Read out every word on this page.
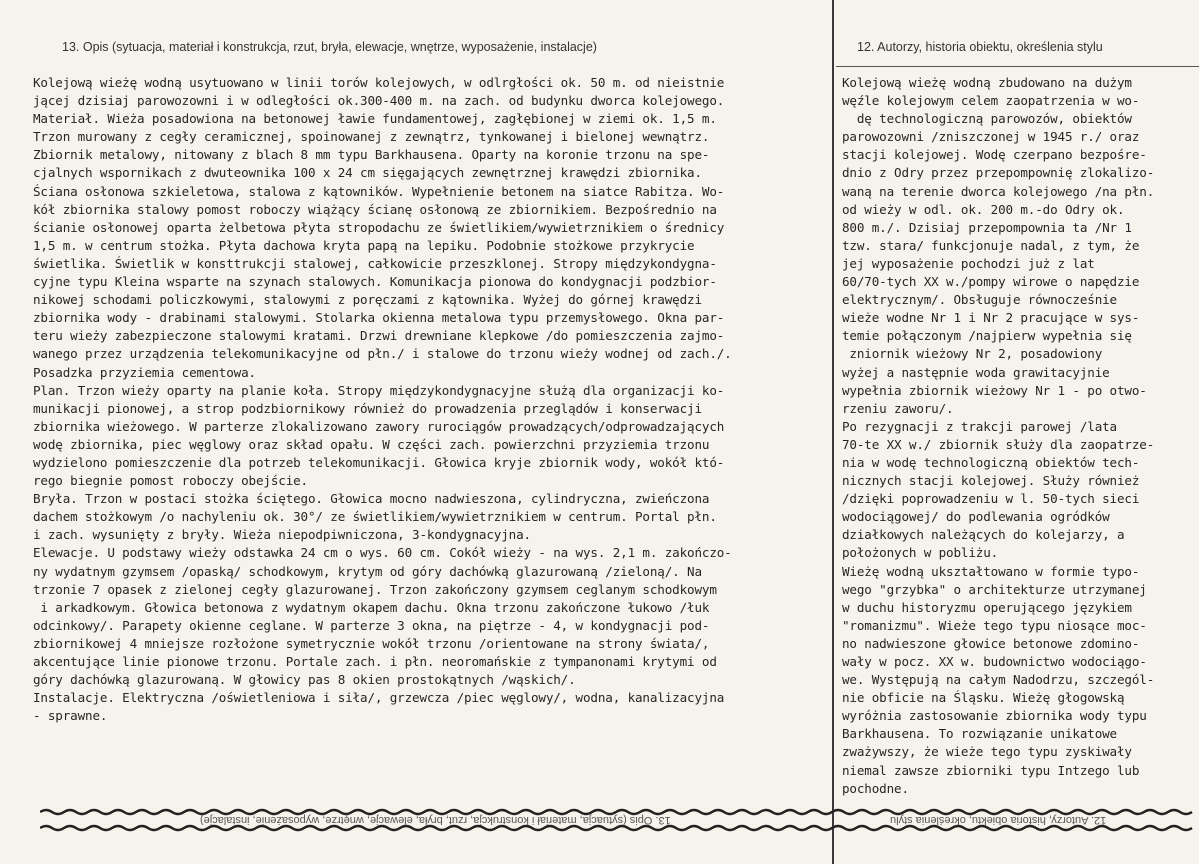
13. Opis (sytuacja, materiał i konstrukcja, rzut, bryła, elewacje, wnętrze, wyposażenie, instalacje)	12. Autorzy, historia obiektu, określenia stylu
Kolejową wieżę wodną usytuowano w linii torów kolejowych, w odlrgłości ok. 50 m. od nieistnie
jącej dzisiaj parowozowni i w odległości ok.300-400 m. na zach. od budynku dworca kolejowego.
Materiał. Wieża posadowiona na betonowej ławie fundamentowej, zagłębionej w ziemi ok. 1,5 m.
Trzon murowany z cegły ceramicznej, spoinowanej z zewnątrz, tynkowanej i bielonej wewnątrz.
Zbiornik metalowy, nitowany z blach 8 mm typu Barkhausena. Oparty na koronie trzonu na spe-
cjalnych wspornikach z dwuteownika 100 x 24 cm sięgających zewnętrznej krawędzi zbiornika.
Ściana osłonowa szkieletowa, stalowa z kątowników. Wypełnienie betonem na siatce Rabitza. Wo-
kół zbiornika stalowy pomost roboczy wiążący ścianę osłonową ze zbiornikiem. Bezpośrednio na
ścianie osłonowej oparta żelbetowa płyta stropodachu ze świetlikiem/wywietrznikiem o średnicy
1,5 m. w centrum stożka. Płyta dachowa kryta papą na lepiku. Podobnie stożkowe przykrycie
świetlika. Świetlik w konsttrukcji stalowej, całkowicie przeszklonej. Stropy międzykondygna-
cyjne typu Kleina wsparte na szynach stalowych. Komunikacja pionowa do kondygnacji podzbior-
nikowej schodami policzkowymi, stalowymi z poręczami z kątownika. Wyżej do górnej krawędzi
zbiornika wody - drabinami stalowymi. Stolarka okienna metalowa typu przemysłowego. Okna par-
teru wieży zabezpieczone stalowymi kratami. Drzwi drewniane klepkowe /do pomieszczenia zajmo-
wanego przez urządzenia telekomunikacyjne od płn./ i stalowe do trzonu wieży wodnej od zach./.
Posadzka przyziemia cementowa.
Plan. Trzon wieży oparty na planie koła. Stropy międzykondygnacyjne służą dla organizacji ko-
munikacji pionowej, a strop podzbiornikowy również do prowadzenia przeglądów i konserwacji
zbiornika wieżowego. W parterze zlokalizowano zawory rurociągów prowadzących/odprowadzających
wodę zbiornika, piec węglowy oraz skład opału. W części zach. powierzchni przyziemia trzonu
wydzielono pomieszczenie dla potrzeb telekomunikacji. Głowica kryje zbiornik wody, wokół któ-
rego biegnie pomost roboczy obejście.
Bryła. Trzon w postaci stożka ściętego. Głowica mocno nadwieszona, cylindryczna, zwieńczona
dachem stożkowym /o nachyleniu ok. 30°/ ze świetlikiem/wywietrznikiem w centrum. Portal płn.
i zach. wysunięty z bryły. Wieża niepodpiwniczona, 3-kondygnacyjna.
Elewacje. U podstawy wieży odstawka 24 cm o wys. 60 cm. Cokół wieży - na wys. 2,1 m. zakończo-
ny wydatnym gzymsem /opaską/ schodkowym, krytym od góry dachówką glazurowaną /zieloną/. Na
trzonie 7 opasek z zielonej cegły glazurowanej. Trzon zakończony gzymsem ceglanym schodkowym
i arkadkowym. Głowica betonowa z wydatnym okapem dachu. Okna trzonu zakończone łukowo /łuk
odcinkowy/. Parapety okienne ceglane. W parterze 3 okna, na piętrze - 4, w kondygnacji pod-
zbiornikowej 4 mniejsze rozłożone symetrycznie wokół trzonu /orientowane na strony świata/,
akcentujące linie pionowe trzonu. Portale zach. i płn. neoromańskie z tympanonami krytymi od
góry dachówką glazurowaną. W głowicy pas 8 okien prostokątnych /wąskich/.
Instalacje. Elektryczna /oświetleniowa i siła/, grzewcza /piec węglowy/, wodna, kanalizacyjna
- sprawne.
Kolejową wieżę wodną zbudowano na dużym
węźle kolejowym celem zaopatrzenia w wo-
dę technologiczną parowozów, obiektów
parowozowni /zniszczonej w 1945 r./ oraz
stacji kolejowej. Wodę czerpano bezpośre-
dnio z Odry przez przepompownię zlokalizo-
waną na terenie dworca kolejowego /na płn.
od wieży w odl. ok. 200 m.-do Odry ok.
800 m./. Dzisiaj przepompownia ta /Nr 1
tzw. stara/ funkcjonuje nadal, z tym, że
jej wyposażenie pochodzi już z lat
60/70-tych XX w./pompy wirowe o napędzie
elektrycznym/. Obsługuje równocześnie
wieże wodne Nr 1 i Nr 2 pracujące w sys-
temie połączonym /najpierw wypełnia się
zniornik wieżowy Nr 2, posadowiony
wyżej a następnie woda grawitacyjnie
wypełnia zbiornik wieżowy Nr 1 - po otwo-
rzeniu zaworu/.
Po rezygnacji z trakcji parowej /lata
70-te XX w./ zbiornik służy dla zaopatrze-
nia w wodę technologiczną obiektów tech-
nicznych stacji kolejowej. Służy również
/dzięki poprowadzeniu w l. 50-tych sieci
wodociągowej/ do podlewania ogródków
działkowych należących do kolejarzy, a
położonych w pobliżu.
Wieżę wodną ukształtowano w formie typo-
wego "grzybka" o architekturze utrzymanej
w duchu historyzmu operującego językiem
"romanizmu". Wieże tego typu niosące moc-
no nadwieszone głowice betonowe zdomino-
wały w pocz. XX w. budownictwo wodociągo-
we. Występują na całym Nadodrzu, szczegól-
nie obficie na Śląsku. Wieżę głogowską
wyróżnia zastosowanie zbiornika wody typu
Barkhausena. To rozwiązanie unikatowe
zważywszy, że wieże tego typu zyskiwały
niemal zawsze zbiorniki typu Intzego lub
pochodne.
13. Opis (sytuacja, materiał i konstrukcja, rzut, bryła, elewacje, wnętrze, wyposażenie, instalacje)	12. Autorzy, historia obiektu, określenia stylu
